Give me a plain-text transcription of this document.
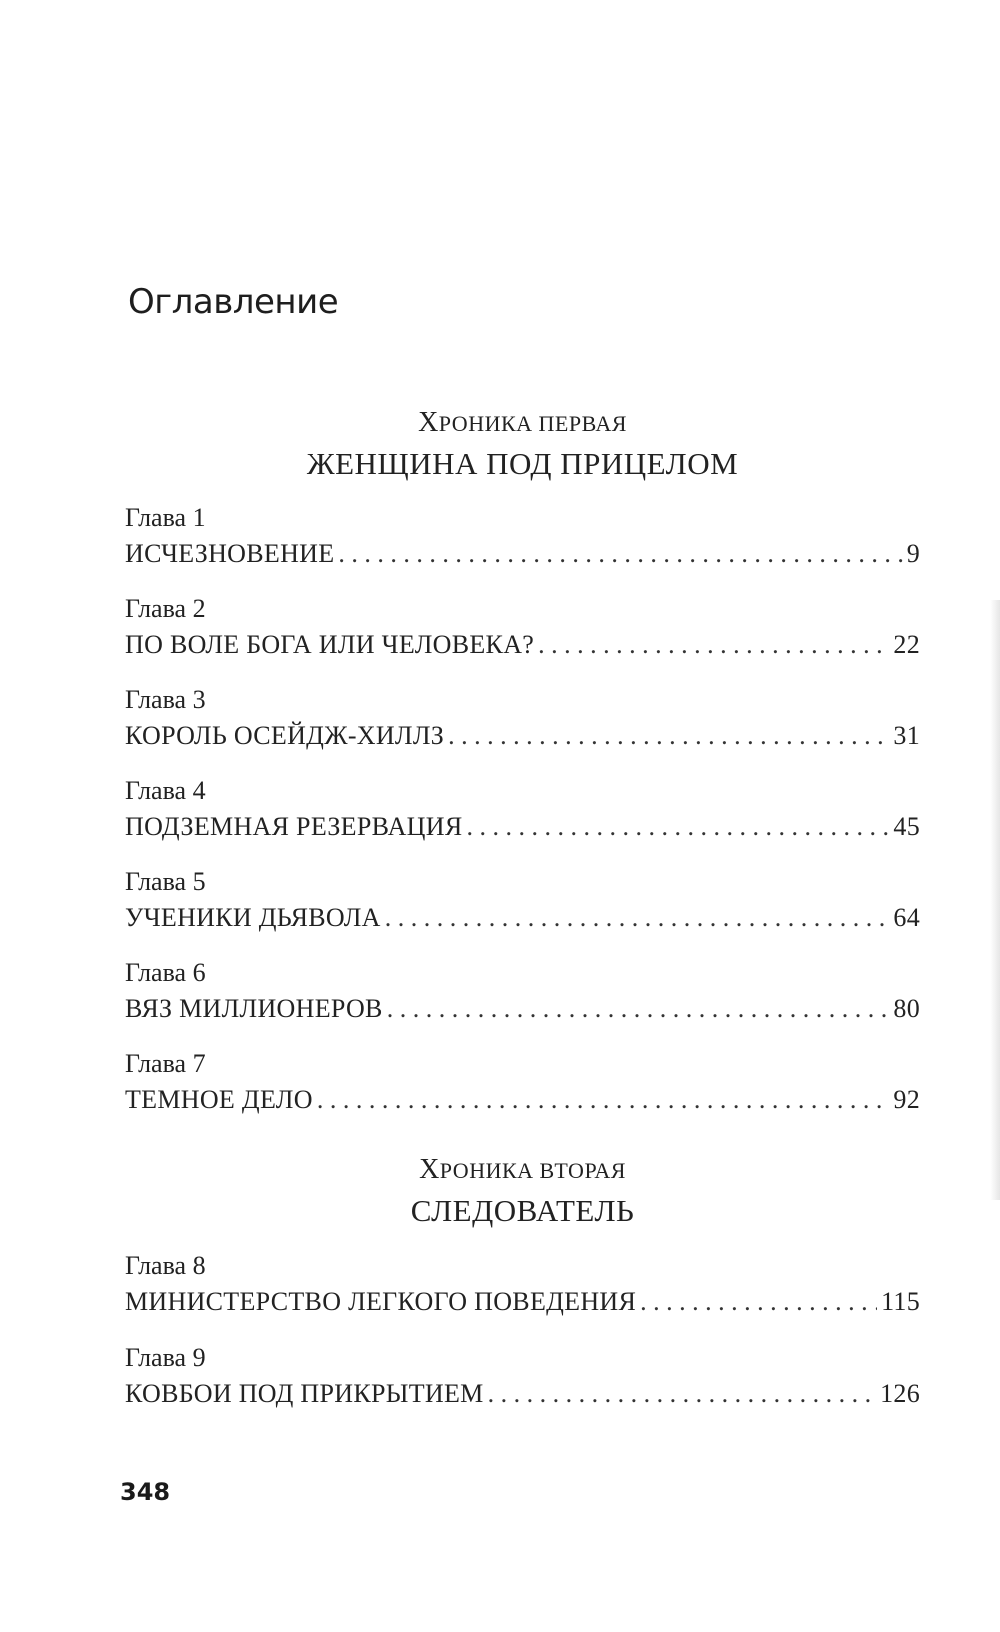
Оглавление
ХРОНИКА ПЕРВАЯ
ЖЕНЩИНА ПОД ПРИЦЕЛОМ
Глава 1
ИСЧЕЗНОВЕНИЕ . . .	9
Глава 2
ПО ВОЛЕ БОГА ИЛИ ЧЕЛОВЕКА? . . .	22
Глава 3
КОРОЛЬ ОСЕЙДЖ-ХИЛЛЗ . . .	31
Глава 4
ПОДЗЕМНАЯ РЕЗЕРВАЦИЯ . . .	45
Глава 5
УЧЕНИКИ ДЬЯВОЛА . . .	64
Глава 6
ВЯЗ МИЛЛИОНЕРОВ . . .	80
Глава 7
ТЕМНОЕ ДЕЛО . . .	92
ХРОНИКА ВТОРАЯ
СЛЕДОВАТЕЛЬ
Глава 8
МИНИСТЕРСТВО ЛЕГКОГО ПОВЕДЕНИЯ . . .	115
Глава 9
КОВБОИ ПОД ПРИКРЫТИЕМ . . .	126
348
